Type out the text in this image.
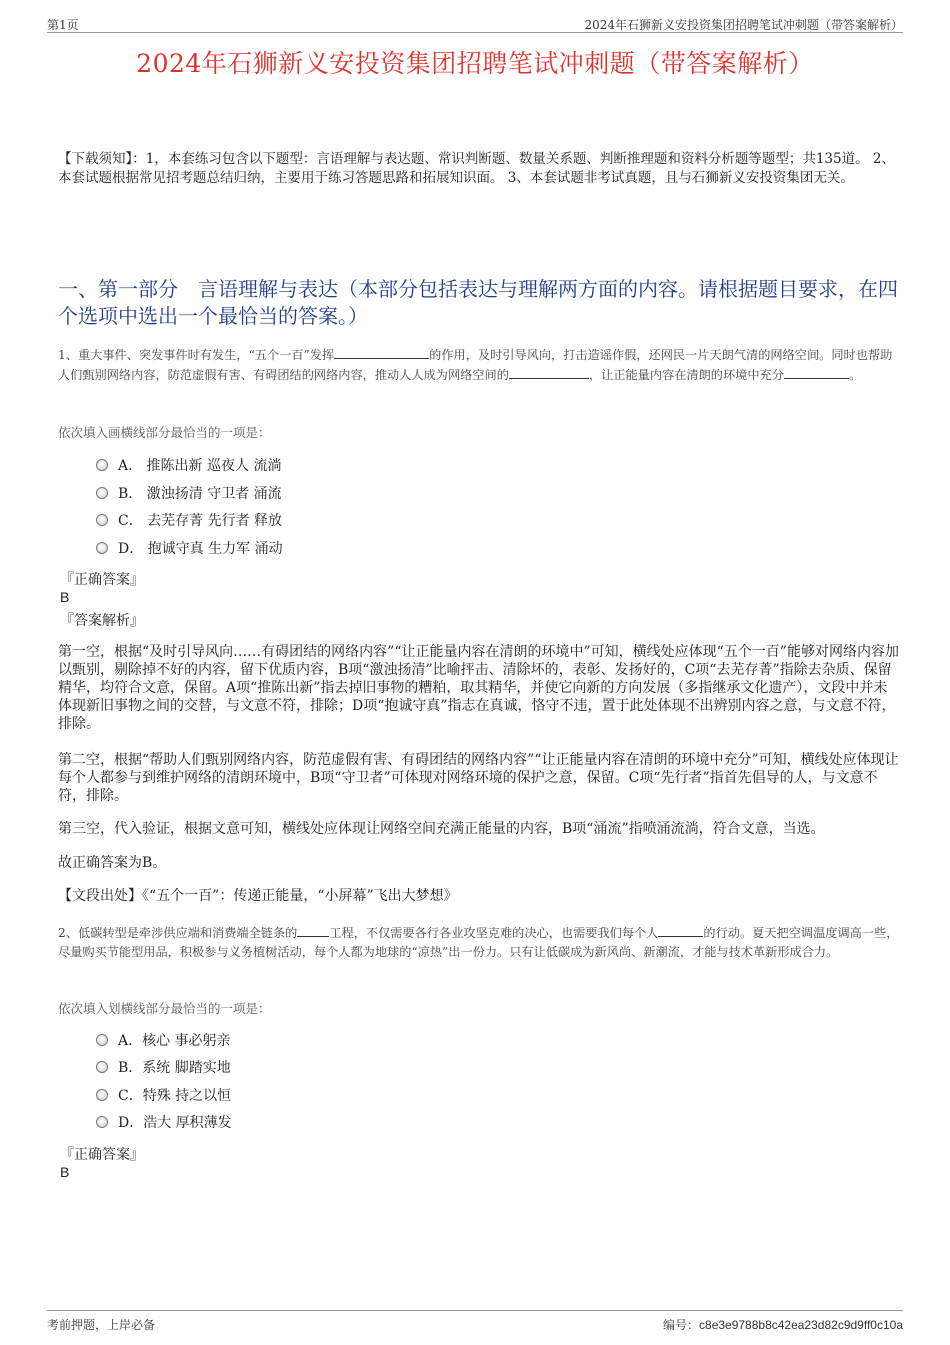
第1页	2024年石狮新义安投资集团招聘笔试冲刺题（带答案解析）
2024年石狮新义安投资集团招聘笔试冲刺题（带答案解析）
【下载须知】：1，本套练习包含以下题型：言语理解与表达题、常识判断题、数量关系题、判断推理题和资料分析题等题型；共135道。 2、本套试题根据常见招考题总结归纳，主要用于练习答题思路和拓展知识面。 3、本套试题非考试真题，且与石狮新义安投资集团无关。
一、第一部分　言语理解与表达（本部分包括表达与理解两方面的内容。请根据题目要求，在四个选项中选出一个最恰当的答案。）
1、重大事件、突发事件时有发生，“五个一百”发挥	的作用，及时引导风向，打击造谣作假，还网民一片天朗气清的网络空间。同时也帮助人们甄别网络内容，防范虚假有害、有碍团结的网络内容，推动人人成为网络空间的	，让正能量内容在清朗的环境中充分	。
依次填入画横线部分最恰当的一项是：
A． 推陈出新 巡夜人 流淌
B． 激浊扬清 守卫者 涌流
C． 去芜存菁 先行者 释放
D． 抱诚守真 生力军 涌动
『正确答案』
B
『答案解析』
第一空，根据“及时引导风向……有碍团结的网络内容”“让正能量内容在清朗的环境中”可知，横线处应体现“五个一百”能够对网络内容加以甄别，剔除掉不好的内容，留下优质内容，B项“激浊扬清”比喻抨击、清除坏的，表彰、发扬好的，C项“去芜存菁”指除去杂质、保留精华，均符合文意，保留。A项“推陈出新”指去掉旧事物的糟粕，取其精华，并使它向新的方向发展（多指继承文化遗产），文段中并未体现新旧事物之间的交替，与文意不符，排除；D项“抱诚守真”指志在真诚，恪守不违，置于此处体现不出辨别内容之意，与文意不符，排除。
第二空，根据“帮助人们甄别网络内容，防范虚假有害、有碍团结的网络内容”“让正能量内容在清朗的环境中充分”可知，横线处应体现让每个人都参与到维护网络的清朗环境中，B项“守卫者”可体现对网络环境的保护之意，保留。C项“先行者”指首先倡导的人，与文意不符，排除。
第三空，代入验证，根据文意可知，横线处应体现让网络空间充满正能量的内容，B项“涌流”指喷涌流淌，符合文意，当选。
故正确答案为B。
【文段出处】《“五个一百”：传递正能量，“小屏幕”飞出大梦想》
2、低碳转型是牵涉供应端和消费端全链条的	工程，不仅需要各行各业攻坚克难的决心，也需要我们每个人	的行动。夏天把空调温度调高一些，尽量购买节能型用品，积极参与义务植树活动，每个人都为地球的“凉热”出一份力。只有让低碳成为新风尚、新潮流，才能与技术革新形成合力。
依次填入划横线部分最恰当的一项是：
A．核心 事必躬亲
B．系统 脚踏实地
C．特殊 持之以恒
D．浩大 厚积薄发
『正确答案』
B
考前押题，上岸必备	编号：c8e3e9788b8c42ea23d82c9d9ff0c10a
